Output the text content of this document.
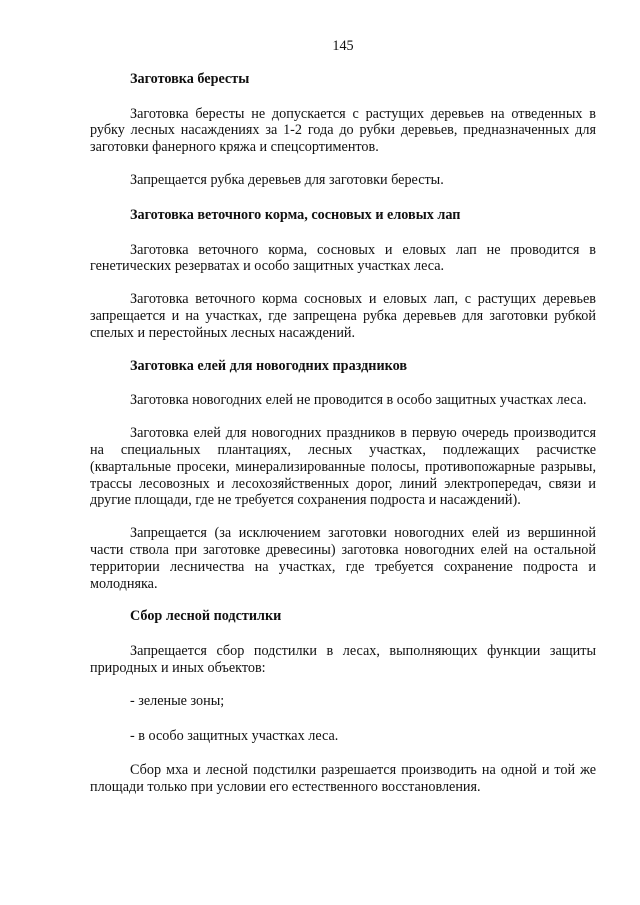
145

Заготовка бересты

Заготовка бересты не допускается с растущих деревьев на отведенных в рубку лесных насаждениях за 1-2 года до рубки деревьев, предназначенных для заготовки фанерного кряжа и спецсортиментов.

Запрещается рубка деревьев для заготовки бересты.

Заготовка веточного корма, сосновых и еловых лап

Заготовка веточного корма, сосновых и еловых лап не проводится в генетических резерватах и особо защитных участках леса.

Заготовка веточного корма сосновых и еловых лап, с растущих деревьев запрещается и на участках, где запрещена рубка деревьев для заготовки рубкой спелых и перестойных лесных насаждений.

Заготовка елей для новогодних праздников

Заготовка новогодних елей не проводится в особо защитных участках леса.

Заготовка елей для новогодних праздников в первую очередь производится на специальных плантациях, лесных участках, подлежащих расчистке (квартальные просеки, минерализированные полосы, противопожарные разрывы, трассы лесовозных и лесохозяйственных дорог, линий электропередач, связи и другие площади, где не требуется сохранения подроста и насаждений).

Запрещается (за исключением заготовки новогодних елей из вершинной части ствола при заготовке древесины) заготовка новогодних елей на остальной территории лесничества на участках, где требуется сохранение подроста и молодняка.

Сбор лесной подстилки

Запрещается сбор подстилки в лесах, выполняющих функции защиты природных и иных объектов:

- зеленые зоны;

- в особо защитных участках леса.

Сбор мха и лесной подстилки разрешается производить на одной и той же площади только при условии его естественного восстановления.
